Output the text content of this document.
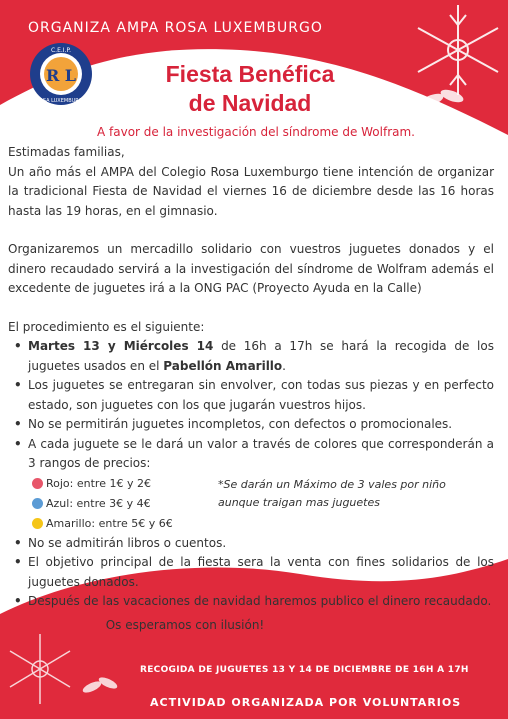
ORGANIZA AMPA ROSA LUXEMBURGO
R L
C.E.I.P.
ROSA LUXEMBURGO
Fiesta Benéfica
de Navidad
A favor de la investigación del síndrome de Wolfram.

Estimadas familias,

Un año más el AMPA del Colegio Rosa Luxemburgo tiene intención de organizar la tradicional Fiesta de Navidad el viernes 16 de diciembre desde las 16 horas hasta las 19 horas, en el gimnasio.

Organizaremos un mercadillo solidario con vuestros juguetes donados y el dinero recaudado servirá a la investigación del síndrome de Wolfram además el excedente de juguetes irá a la ONG PAC (Proyecto Ayuda en la Calle)

El procedimiento es el siguiente:

• Martes 13 y Miércoles 14 de 16h a 17h se hará la recogida de los juguetes usados en el Pabellón Amarillo.
• Los juguetes se entregaran sin envolver, con todas sus piezas y en perfecto estado, son juguetes con los que jugarán vuestros hijos.
• No se permitirán juguetes incompletos, con defectos o promocionales.
• A cada juguete se le dará un valor a través de colores que corresponderán a 3 rangos de precios:
Rojo: entre 1€ y 2€
Azul: entre 3€ y 4€
Amarillo: entre 5€ y 6€
*Se darán un Máximo de 3 vales por niño aunque traigan mas juguetes
• No se admitirán libros o cuentos.
• El objetivo principal de la fiesta sera la venta con fines solidarios de los juguetes donados.
• Después de las vacaciones de navidad haremos publico el dinero recaudado.
Os esperamos con ilusión!
RECOGIDA DE JUGUETES 13 Y 14 DE DICIEMBRE DE 16H A 17H
ACTIVIDAD ORGANIZADA POR VOLUNTARIOS
